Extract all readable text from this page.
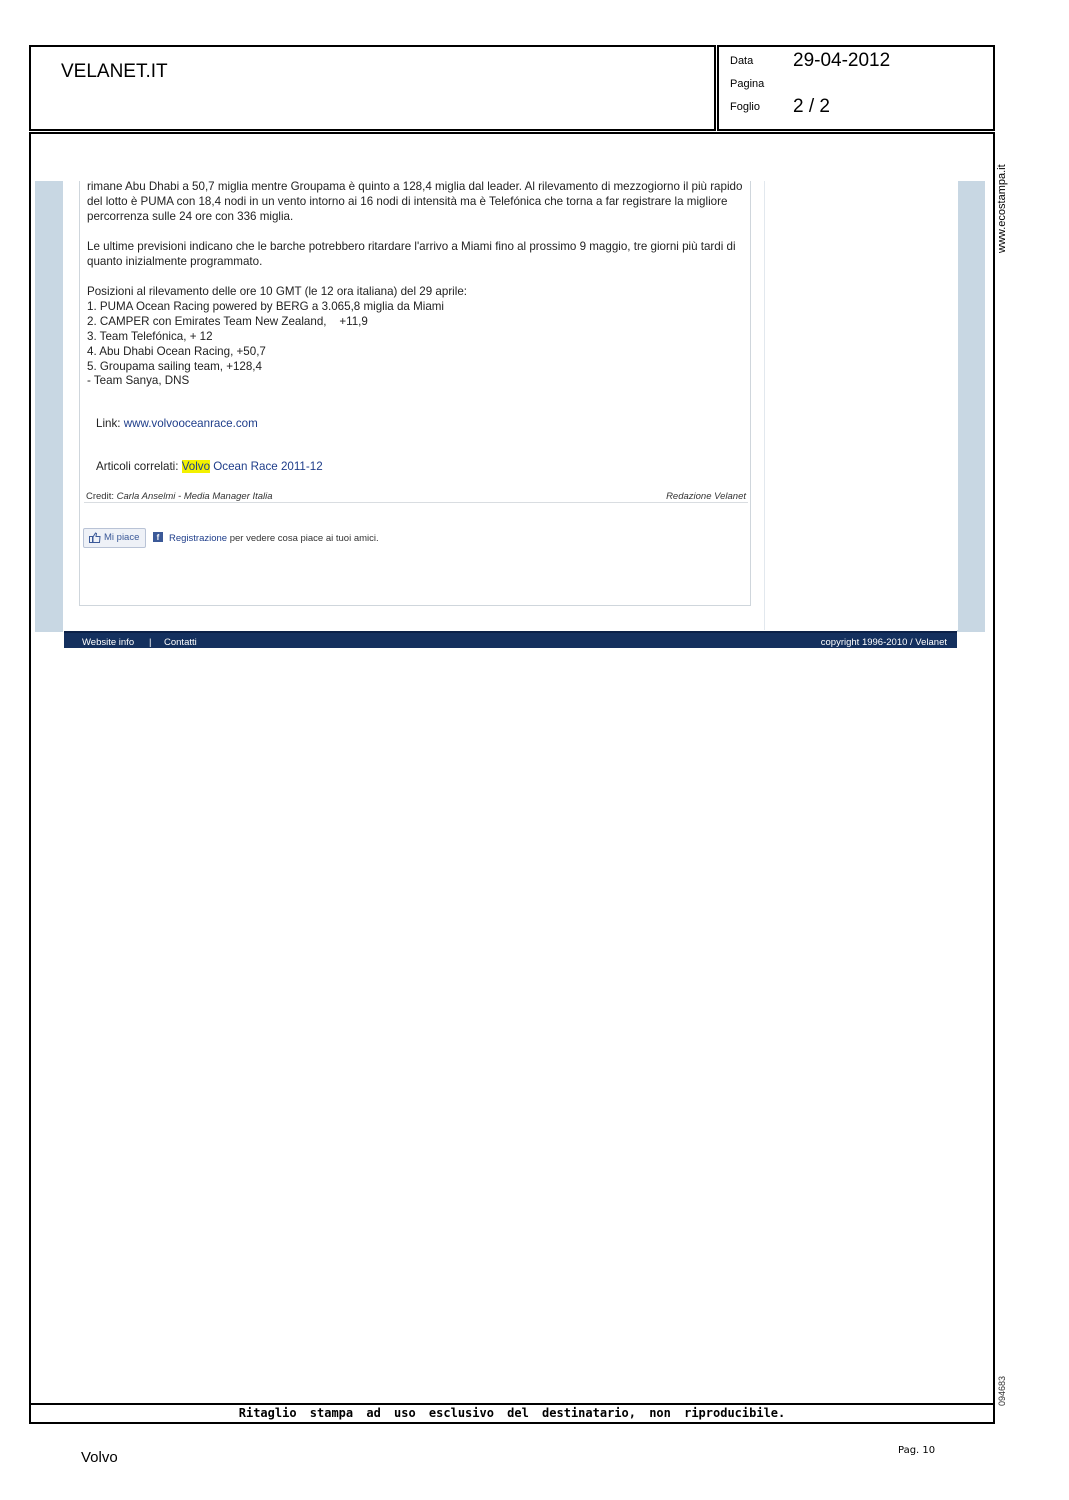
VELANET.IT	Data 29-04-2012
Pagina
Foglio 2 / 2
Ritaglio stampa ad uso esclusivo del destinatario, non riproducibile.
www.ecostampa.it
094683
rimane Abu Dhabi a 50,7 miglia mentre Groupama è quinto a 128,4 miglia dal leader. Al rilevamento di mezzogiorno il più rapido del lotto è PUMA con 18,4 nodi in un vento intorno ai 16 nodi di intensità ma è Telefónica che torna a far registrare la migliore percorrenza sulle 24 ore con 336 miglia.
Le ultime previsioni indicano che le barche potrebbero ritardare l'arrivo a Miami fino al prossimo 9 maggio, tre giorni più tardi di quanto inizialmente programmato.
Posizioni al rilevamento delle ore 10 GMT (le 12 ora italiana) del 29 aprile:
1. PUMA Ocean Racing powered by BERG a 3.065,8 miglia da Miami
2. CAMPER con Emirates Team New Zealand,    +11,9
3. Team Telefónica, + 12
4. Abu Dhabi Ocean Racing, +50,7
5. Groupama sailing team, +128,4
- Team Sanya, DNS
Link: www.volvooceanrace.com
Articoli correlati: Volvo Ocean Race 2011-12
Credit: Carla Anselmi - Media Manager Italia	Redazione Velanet
Mi piace	f	Registrazione per vedere cosa piace ai tuoi amici.
Website info | Contatti	copyright 1996-2010 / Velanet
Volvo	Pag. 10
